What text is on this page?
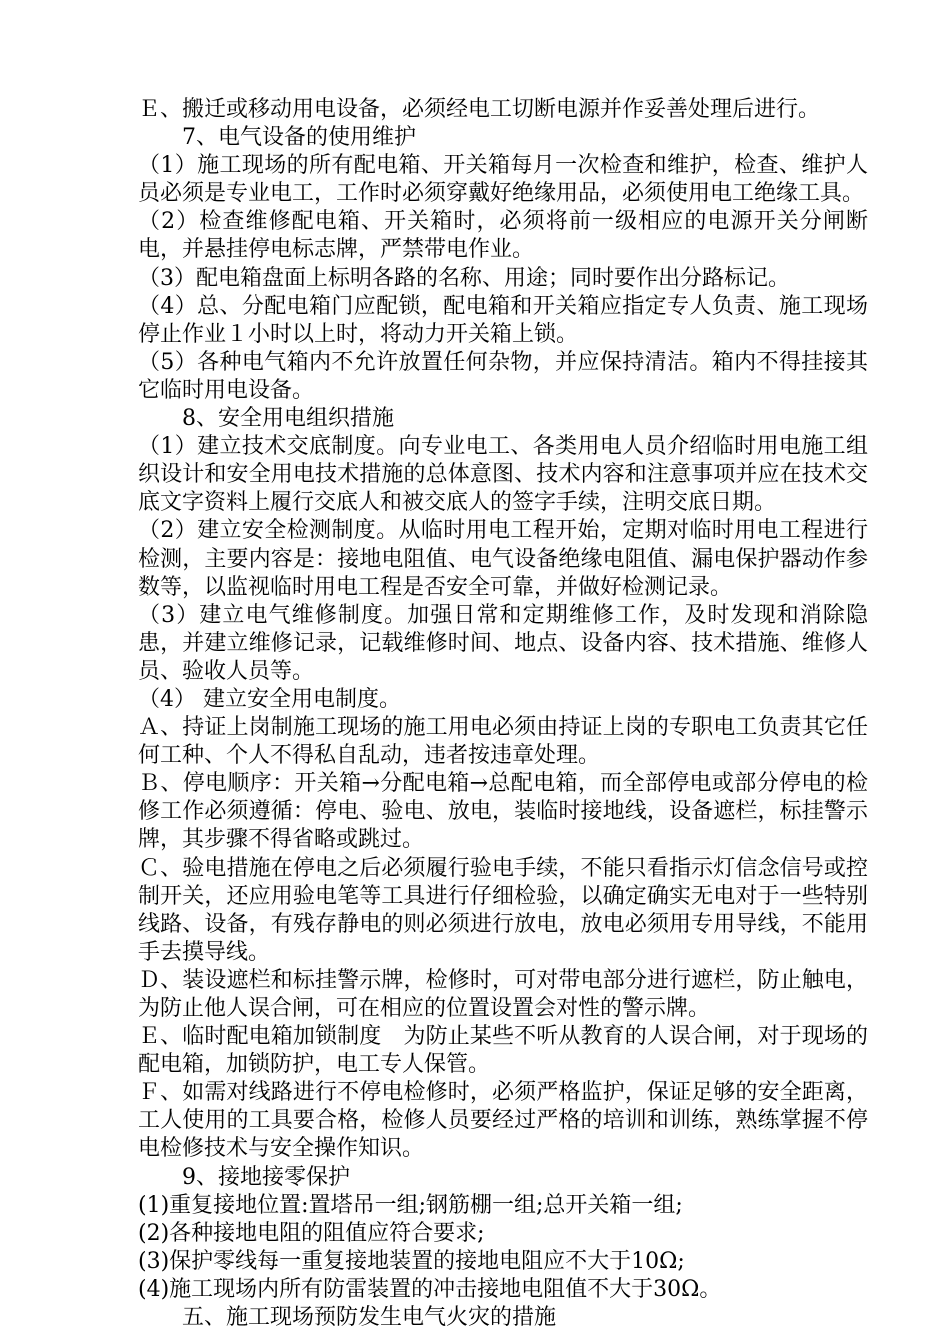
Ｅ、搬迁或移动用电设备，必须经电工切断电源并作妥善处理后进行。

7、电气设备的使用维护

（1）施工现场的所有配电箱、开关箱每月一次检查和维护，检查、维护人员必须是专业电工，工作时必须穿戴好绝缘用品，必须使用电工绝缘工具。

（2）检查维修配电箱、开关箱时，必须将前一级相应的电源开关分闸断电，并悬挂停电标志牌，严禁带电作业。

（3）配电箱盘面上标明各路的名称、用途；同时要作出分路标记。

（4）总、分配电箱门应配锁，配电箱和开关箱应指定专人负责、施工现场停止作业１小时以上时，将动力开关箱上锁。

（5）各种电气箱内不允许放置任何杂物，并应保持清洁。箱内不得挂接其它临时用电设备。

8、安全用电组织措施

（1）建立技术交底制度。向专业电工、各类用电人员介绍临时用电施工组织设计和安全用电技术措施的总体意图、技术内容和注意事项并应在技术交底文字资料上履行交底人和被交底人的签字手续，注明交底日期。

（2）建立安全检测制度。从临时用电工程开始，定期对临时用电工程进行检测，主要内容是：接地电阻值、电气设备绝缘电阻值、漏电保护器动作参数等，以监视临时用电工程是否安全可靠，并做好检测记录。

（3）建立电气维修制度。加强日常和定期维修工作，及时发现和消除隐患，并建立维修记录，记载维修时间、地点、设备内容、技术措施、维修人员、验收人员等。

（4） 建立安全用电制度。

Ａ、持证上岗制施工现场的施工用电必须由持证上岗的专职电工负责其它任何工种、个人不得私自乱动，违者按违章处理。

Ｂ、停电顺序：开关箱→分配电箱→总配电箱，而全部停电或部分停电的检修工作必须遵循：停电、验电、放电，装临时接地线，设备遮栏，标挂警示牌，其步骤不得省略或跳过。

Ｃ、验电措施在停电之后必须履行验电手续，不能只看指示灯信念信号或控制开关，还应用验电笔等工具进行仔细检验，以确定确实无电对于一些特别线路、设备，有残存静电的则必须进行放电，放电必须用专用导线，不能用手去摸导线。

Ｄ、装设遮栏和标挂警示牌，检修时，可对带电部分进行遮栏，防止触电，为防止他人误合闸，可在相应的位置设置会对性的警示牌。

Ｅ、临时配电箱加锁制度　为防止某些不听从教育的人误合闸，对于现场的配电箱，加锁防护，电工专人保管。

Ｆ、如需对线路进行不停电检修时，必须严格监护，保证足够的安全距离，工人使用的工具要合格，检修人员要经过严格的培训和训练，熟练掌握不停电检修技术与安全操作知识。

9、接地接零保护

(1)重复接地位置:置塔吊一组;钢筋棚一组;总开关箱一组;

(2)各种接地电阻的阻值应符合要求;

(3)保护零线每一重复接地装置的接地电阻应不大于10Ω;

(4)施工现场内所有防雷装置的冲击接地电阻值不大于30Ω。

五、施工现场预防发生电气火灾的措施
